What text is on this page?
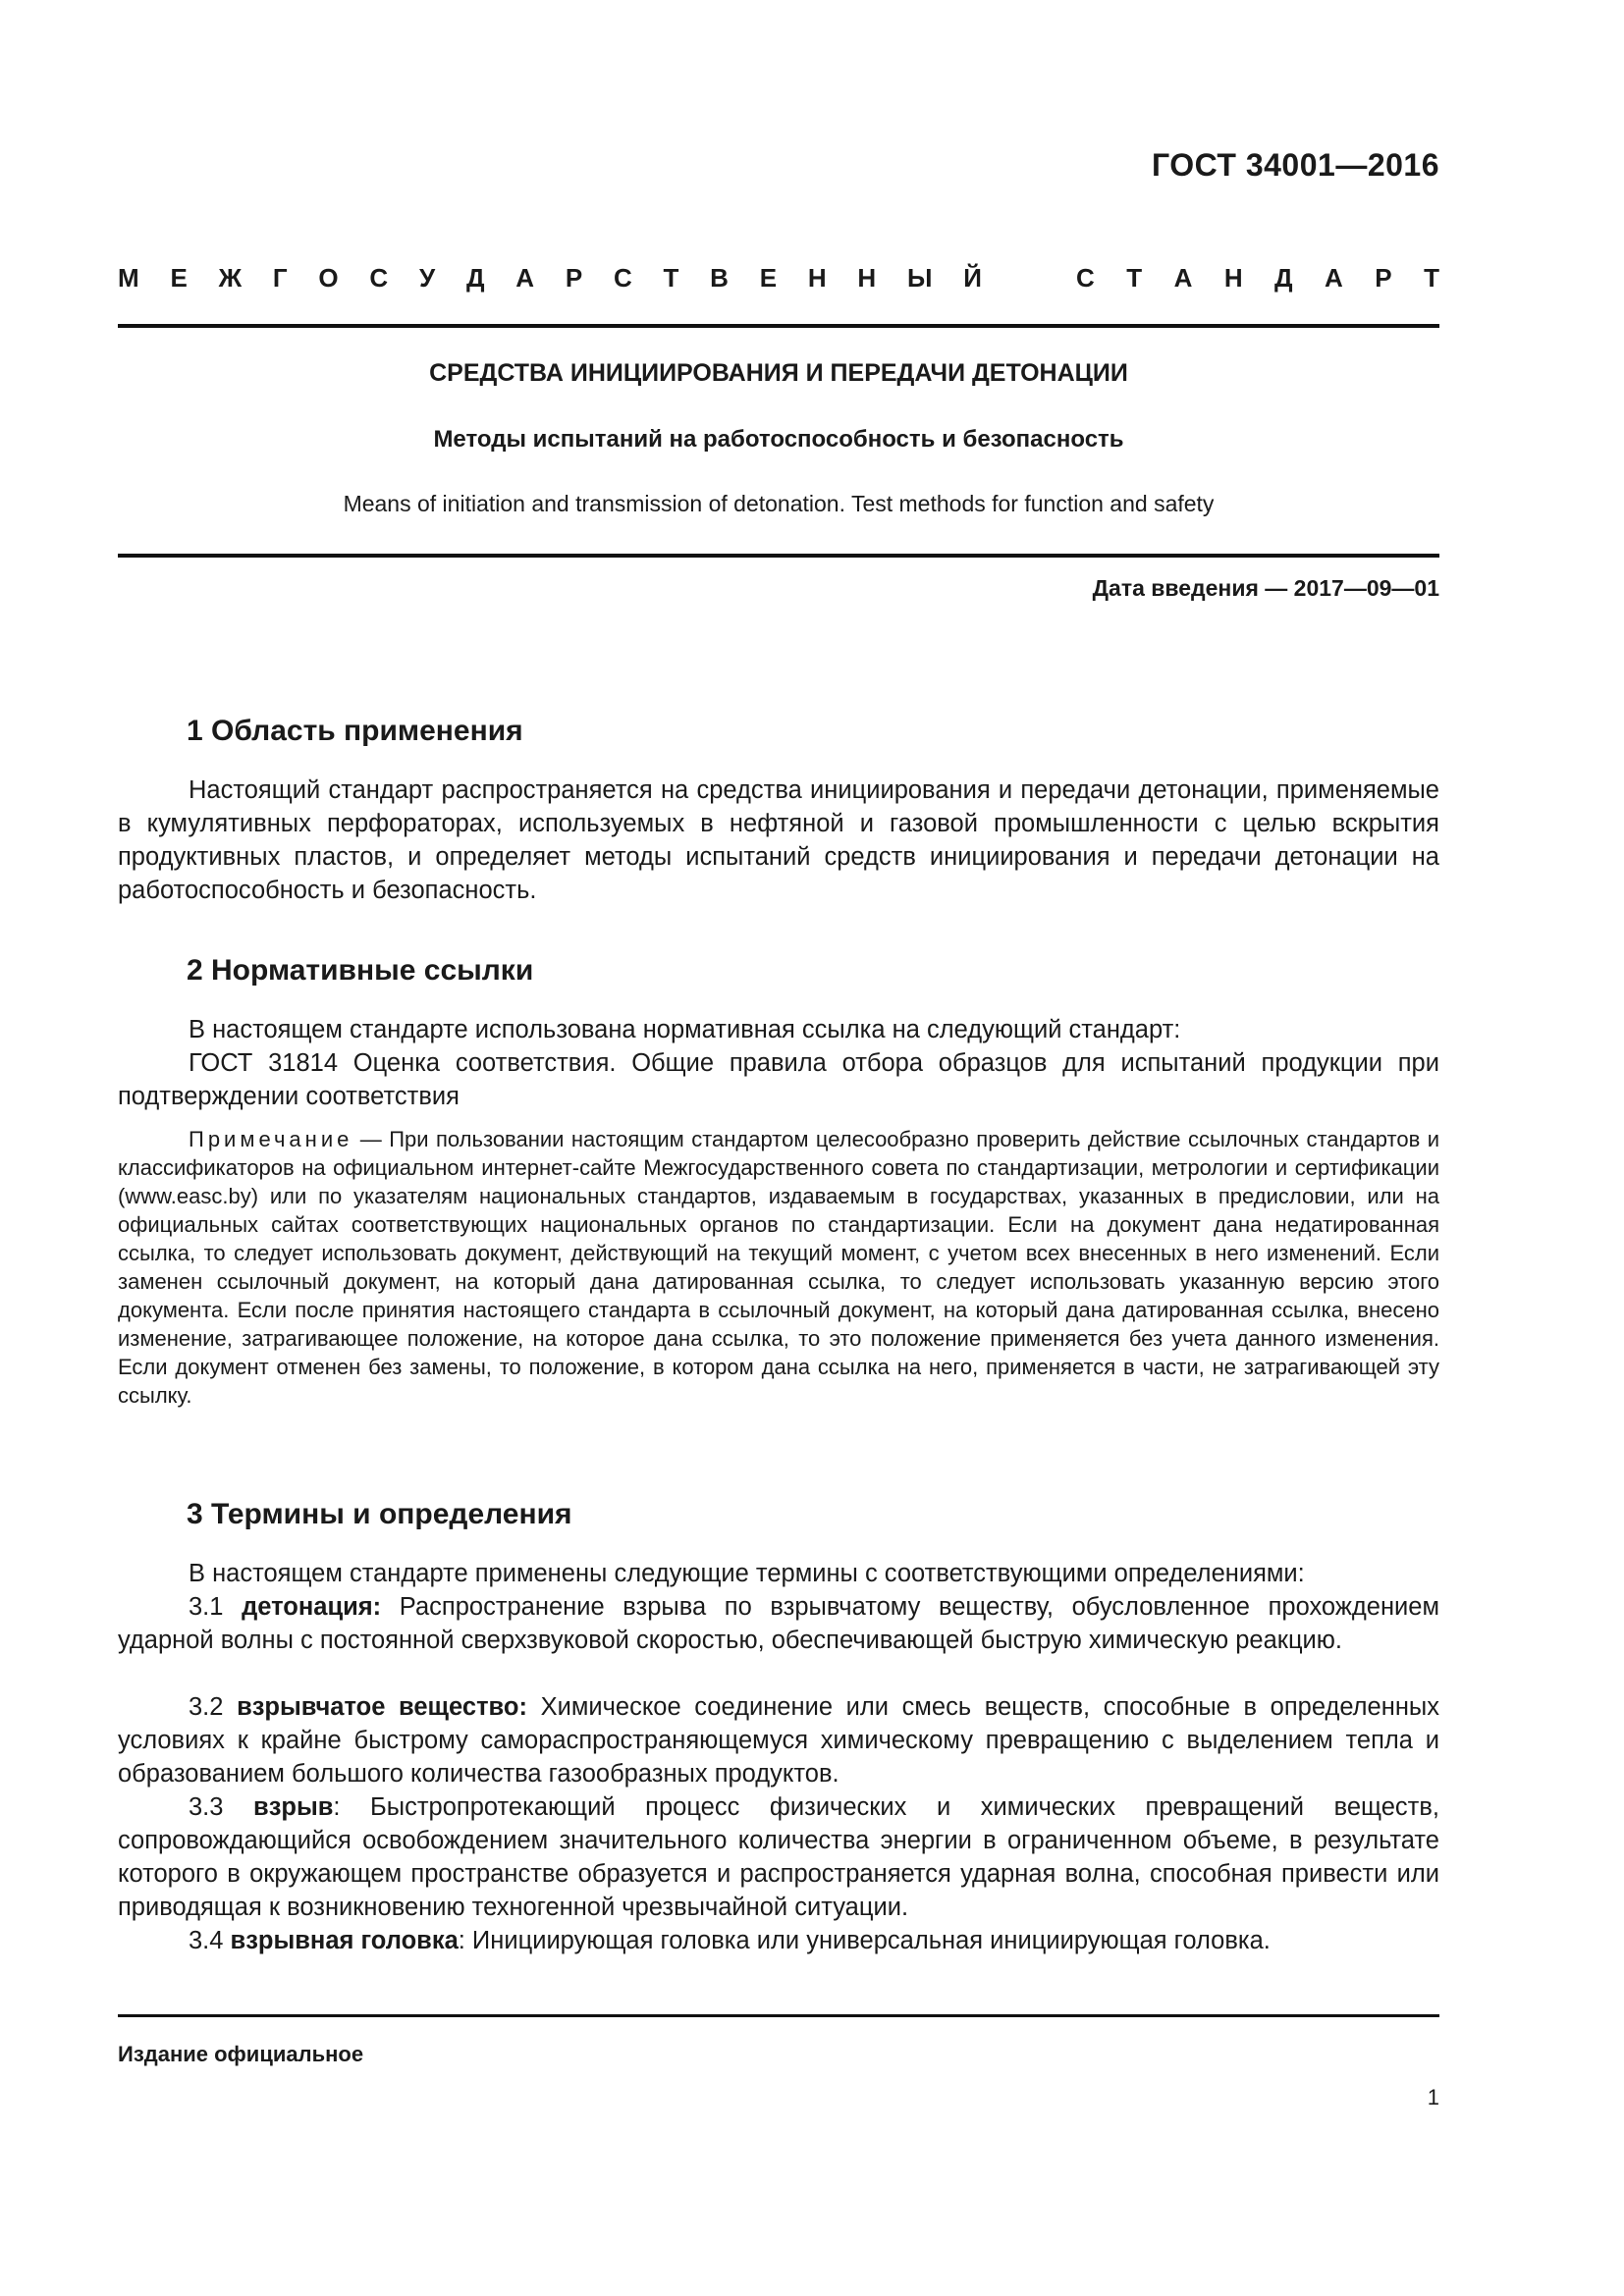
ГОСТ 34001—2016
М Е Ж Г О С У Д А Р С Т В Е Н Н Ы Й	С Т А Н Д А Р Т
СРЕДСТВА ИНИЦИИРОВАНИЯ И ПЕРЕДАЧИ ДЕТОНАЦИИ
Методы испытаний на работоспособность и безопасность
Means of initiation and transmission of detonation. Test methods for function and safety
Дата введения — 2017—09—01
1 Область применения
Настоящий стандарт распространяется на средства инициирования и передачи детонации, применяемые в кумулятивных перфораторах, используемых в нефтяной и газовой промышленности с целью вскрытия продуктивных пластов, и определяет методы испытаний средств инициирования и передачи детонации на работоспособность и безопасность.
2 Нормативные ссылки
В настоящем стандарте использована нормативная ссылка на следующий стандарт:
ГОСТ 31814 Оценка соответствия. Общие правила отбора образцов для испытаний продукции при подтверждении соответствия
Примечание — При пользовании настоящим стандартом целесообразно проверить действие ссылочных стандартов и классификаторов на официальном интернет-сайте Межгосударственного совета по стандартизации, метрологии и сертификации (www.easc.by) или по указателям национальных стандартов, издаваемым в государствах, указанных в предисловии, или на официальных сайтах соответствующих национальных органов по стандартизации. Если на документ дана недатированная ссылка, то следует использовать документ, действующий на текущий момент, с учетом всех внесенных в него изменений. Если заменен ссылочный документ, на который дана датированная ссылка, то следует использовать указанную версию этого документа. Если после принятия настоящего стандарта в ссылочный документ, на который дана датированная ссылка, внесено изменение, затрагивающее положение, на которое дана ссылка, то это положение применяется без учета данного изменения. Если документ отменен без замены, то положение, в котором дана ссылка на него, применяется в части, не затрагивающей эту ссылку.
3 Термины и определения
В настоящем стандарте применены следующие термины с соответствующими определениями:
3.1 детонация: Распространение взрыва по взрывчатому веществу, обусловленное прохождением ударной волны с постоянной сверхзвуковой скоростью, обеспечивающей быструю химическую реакцию.
3.2 взрывчатое вещество: Химическое соединение или смесь веществ, способные в определенных условиях к крайне быстрому самораспространяющемуся химическому превращению с выделением тепла и образованием большого количества газообразных продуктов.
3.3 взрыв: Быстропротекающий процесс физических и химических превращений веществ, сопровождающийся освобождением значительного количества энергии в ограниченном объеме, в результате которого в окружающем пространстве образуется и распространяется ударная волна, способная привести или приводящая к возникновению техногенной чрезвычайной ситуации.
3.4 взрывная головка: Инициирующая головка или универсальная инициирующая головка.
Издание официальное
1
